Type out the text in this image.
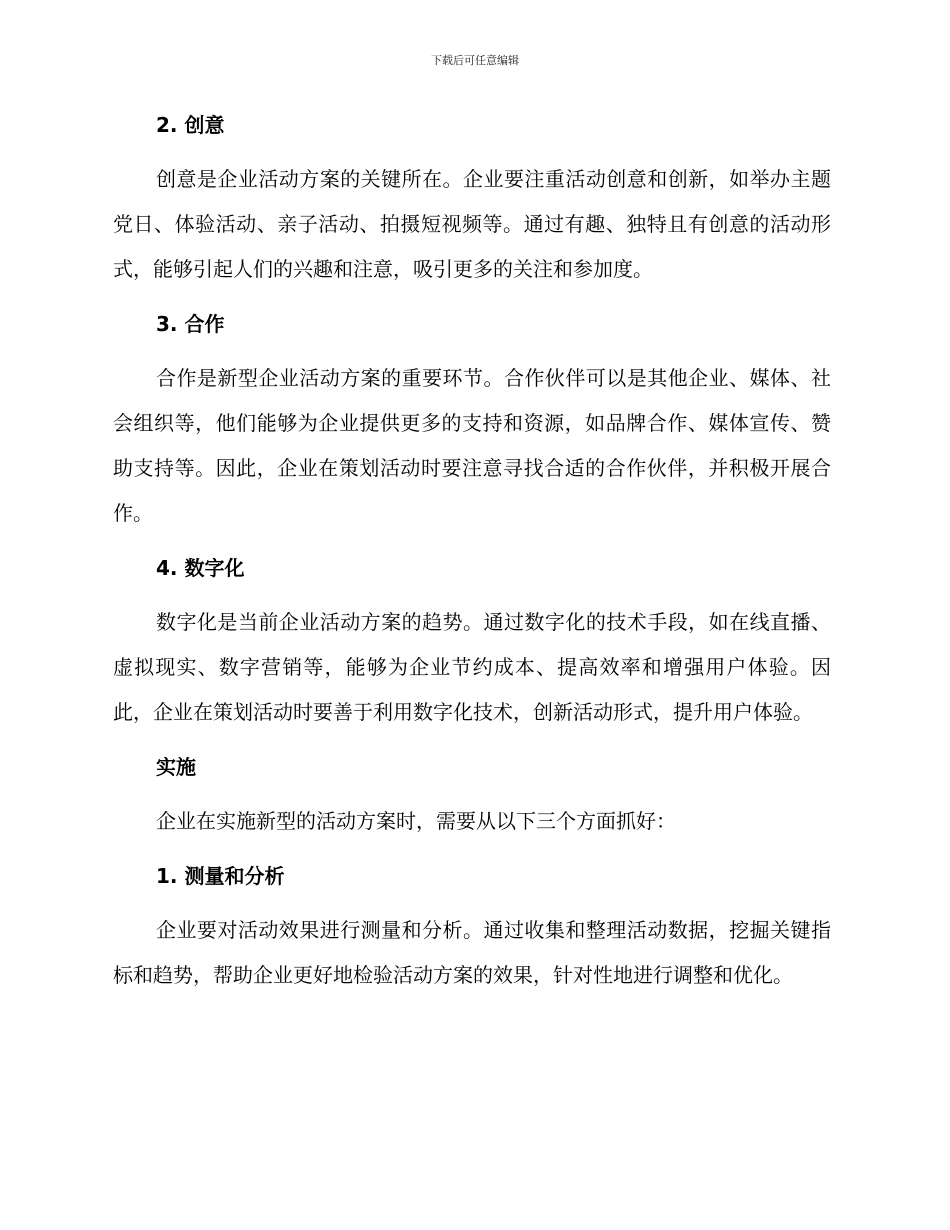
下载后可任意编辑
2. 创意

创意是企业活动方案的关键所在。企业要注重活动创意和创新，如举办主题党日、体验活动、亲子活动、拍摄短视频等。通过有趣、独特且有创意的活动形式，能够引起人们的兴趣和注意，吸引更多的关注和参加度。

3. 合作

合作是新型企业活动方案的重要环节。合作伙伴可以是其他企业、媒体、社会组织等，他们能够为企业提供更多的支持和资源，如品牌合作、媒体宣传、赞助支持等。因此，企业在策划活动时要注意寻找合适的合作伙伴，并积极开展合作。

4. 数字化

数字化是当前企业活动方案的趋势。通过数字化的技术手段，如在线直播、虚拟现实、数字营销等，能够为企业节约成本、提高效率和增强用户体验。因此，企业在策划活动时要善于利用数字化技术，创新活动形式，提升用户体验。

实施

企业在实施新型的活动方案时，需要从以下三个方面抓好：

1. 测量和分析

企业要对活动效果进行测量和分析。通过收集和整理活动数据，挖掘关键指标和趋势，帮助企业更好地检验活动方案的效果，针对性地进行调整和优化。
